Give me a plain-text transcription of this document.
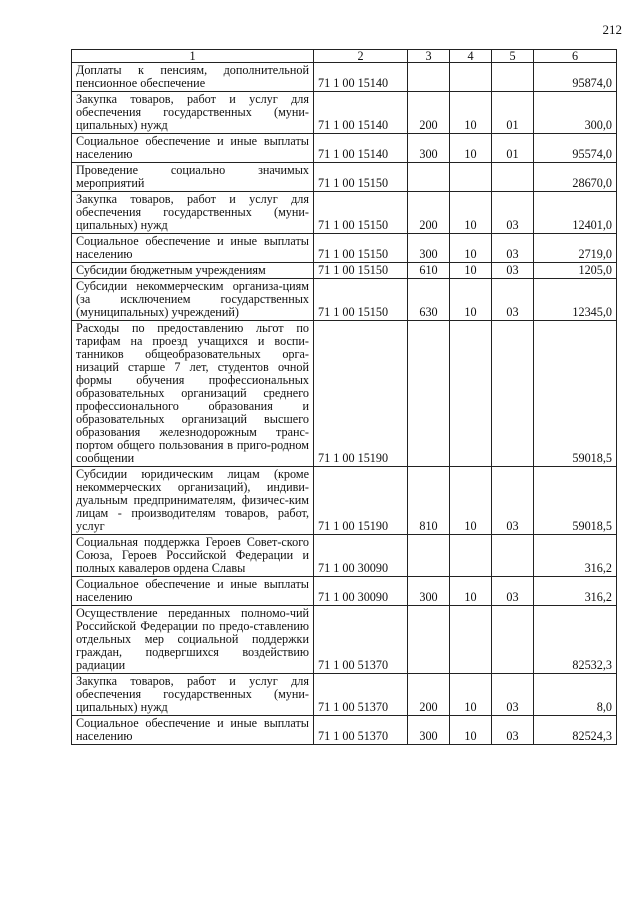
212
1	2	3	4	5	6
Доплаты к пенсиям, дополнительной пенсионное обеспечение	71 1 00 15140				95874,0
Закупка товаров, работ и услуг для обеспечения государственных (муни-ципальных) нужд	71 1 00 15140	200	10	01	300,0
Социальное обеспечение и иные выплаты населению	71 1 00 15140	300	10	01	95574,0
Проведение социально значимых мероприятий	71 1 00 15150				28670,0
Закупка товаров, работ и услуг для обеспечения государственных (муни-ципальных) нужд	71 1 00 15150	200	10	03	12401,0
Социальное обеспечение и иные выплаты населению	71 1 00 15150	300	10	03	2719,0
Субсидии бюджетным учреждениям	71 1 00 15150	610	10	03	1205,0
Субсидии некоммерческим организа-циям (за исключением государственных (муниципальных) учреждений)	71 1 00 15150	630	10	03	12345,0
Расходы по предоставлению льгот по тарифам на проезд учащихся и воспи-танников общеобразовательных орга-низаций старше 7 лет, студентов очной формы обучения профессиональных образовательных организаций среднего профессионального образования и образовательных организаций высшего образования железнодорожным транс-портом общего пользования в приго-родном сообщении	71 1 00 15190				59018,5
Субсидии юридическим лицам (кроме некоммерческих организаций), индиви-дуальным предпринимателям, физичес-ким лицам - производителям товаров, работ, услуг	71 1 00 15190	810	10	03	59018,5
Социальная поддержка Героев Совет-ского Союза, Героев Российской Федерации и полных кавалеров ордена Славы	71 1 00 30090				316,2
Социальное обеспечение и иные выплаты населению	71 1 00 30090	300	10	03	316,2
Осуществление переданных полномо-чий Российской Федерации по предо-ставлению отдельных мер социальной поддержки граждан, подвергшихся воздействию радиации	71 1 00 51370				82532,3
Закупка товаров, работ и услуг для обеспечения государственных (муни-ципальных) нужд	71 1 00 51370	200	10	03	8,0
Социальное обеспечение и иные выплаты населению	71 1 00 51370	300	10	03	82524,3
